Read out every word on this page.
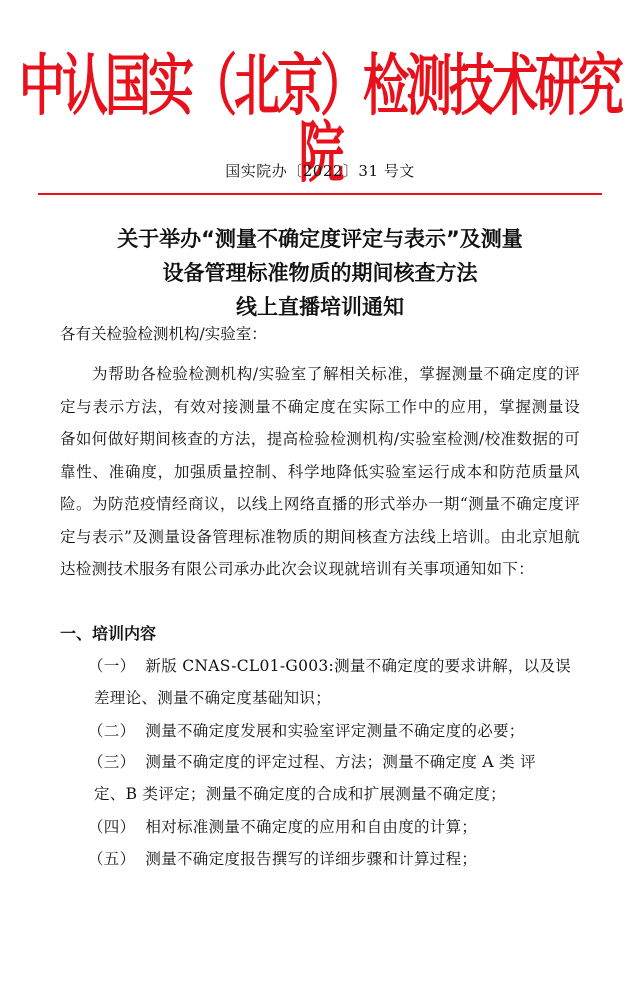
中认国实（北京）检测技术研究院
国实院办〔2022〕31 号文
关于举办“测量不确定度评定与表示”及测量
设备管理标准物质的期间核查方法
线上直播培训通知
各有关检验检测机构/实验室：
为帮助各检验检测机构/实验室了解相关标准，掌握测量不确定度的评定与表示方法，有效对接测量不确定度在实际工作中的应用，掌握测量设备如何做好期间核查的方法，提高检验检测机构/实验室检测/校准数据的可靠性、准确度，加强质量控制、科学地降低实验室运行成本和防范质量风险。为防范疫情经商议，以线上网络直播的形式举办一期“测量不确定度评定与表示”及测量设备管理标准物质的期间核查方法线上培训。由北京旭航达检测技术服务有限公司承办此次会议现就培训有关事项通知如下：
一、培训内容
（一） 新版 CNAS-CL01-G003:测量不确定度的要求讲解，以及误
差理论、测量不确定度基础知识；
（二） 测量不确定度发展和实验室评定测量不确定度的必要；
（三） 测量不确定度的评定过程、方法；测量不确定度 A 类 评
定、B 类评定；测量不确定度的合成和扩展测量不确定度；
（四） 相对标准测量不确定度的应用和自由度的计算；
（五） 测量不确定度报告撰写的详细步骤和计算过程；
